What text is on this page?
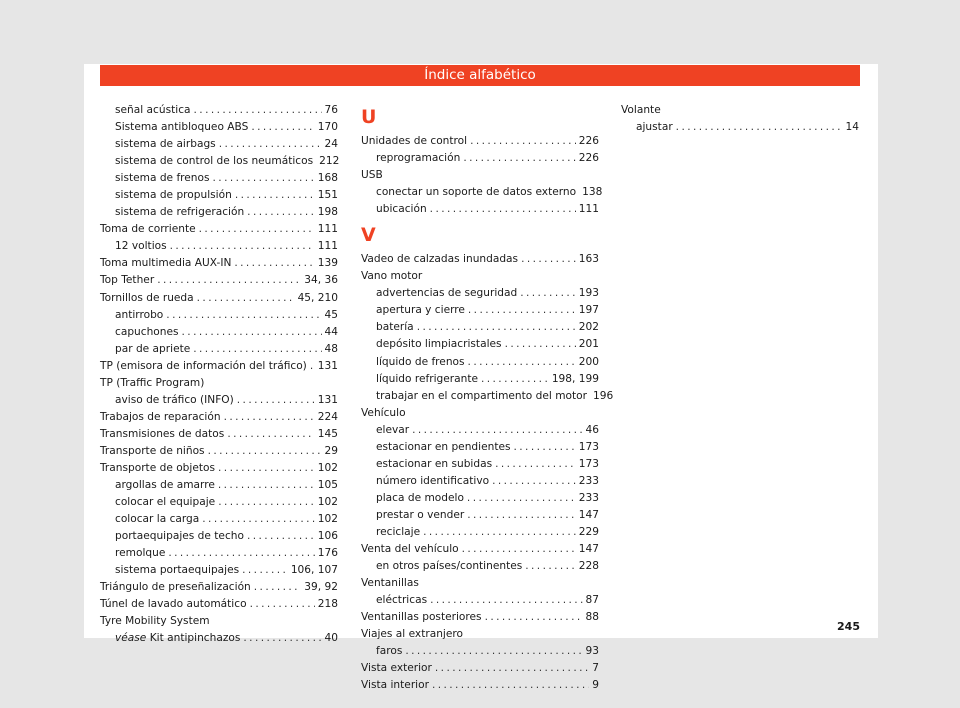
Índice alfabético
señal acústica .....	76
Sistema antibloqueo ABS .....	170
sistema de airbags .....	24
sistema de control de los neumáticos 212
sistema de frenos .....	168
sistema de propulsión .....	151
sistema de refrigeración .....	198
Toma de corriente .....	111
12 voltios .....	111
Toma multimedia AUX-IN .....	139
Top Tether .....	34, 36
Tornillos de rueda .....	45, 210
antirrobo .....	45
capuchones .....	44
par de apriete .....	48
TP (emisora de información del tráfico) ..... 131
TP (Traffic Program)
aviso de tráfico (INFO) .....	131
Trabajos de reparación .....	224
Transmisiones de datos .....	145
Transporte de niños .....	29
Transporte de objetos .....	102
argollas de amarre .....	105
colocar el equipaje .....	102
colocar la carga .....	102
portaequipajes de techo .....	106
remolque .....	176
sistema portaequipajes .....	106, 107
Triángulo de preseñalización .....	39, 92
Túnel de lavado automático .....	218
Tyre Mobility System
véase Kit antipinchazos .....	40
U
Unidades de control .....	226
reprogramación .....	226
USB
conectar un soporte de datos externo 138
ubicación .....	111
V
Vadeo de calzadas inundadas .....	163
Vano motor
advertencias de seguridad .....	193
apertura y cierre .....	197
batería .....	202
depósito limpiacristales .....	201
líquido de frenos .....	200
líquido refrigerante .....	198, 199
trabajar en el compartimento del motor 196
Vehículo
elevar .....	46
estacionar en pendientes .....	173
estacionar en subidas .....	173
número identificativo .....	233
placa de modelo .....	233
prestar o vender .....	147
reciclaje .....	229
Venta del vehículo .....	147
en otros países/continentes .....	228
Ventanillas
eléctricas .....	87
Ventanillas posteriores .....	88
Viajes al extranjero
faros .....	93
Vista exterior .....	7
Vista interior .....	9
Volante
ajustar .....	14
245
